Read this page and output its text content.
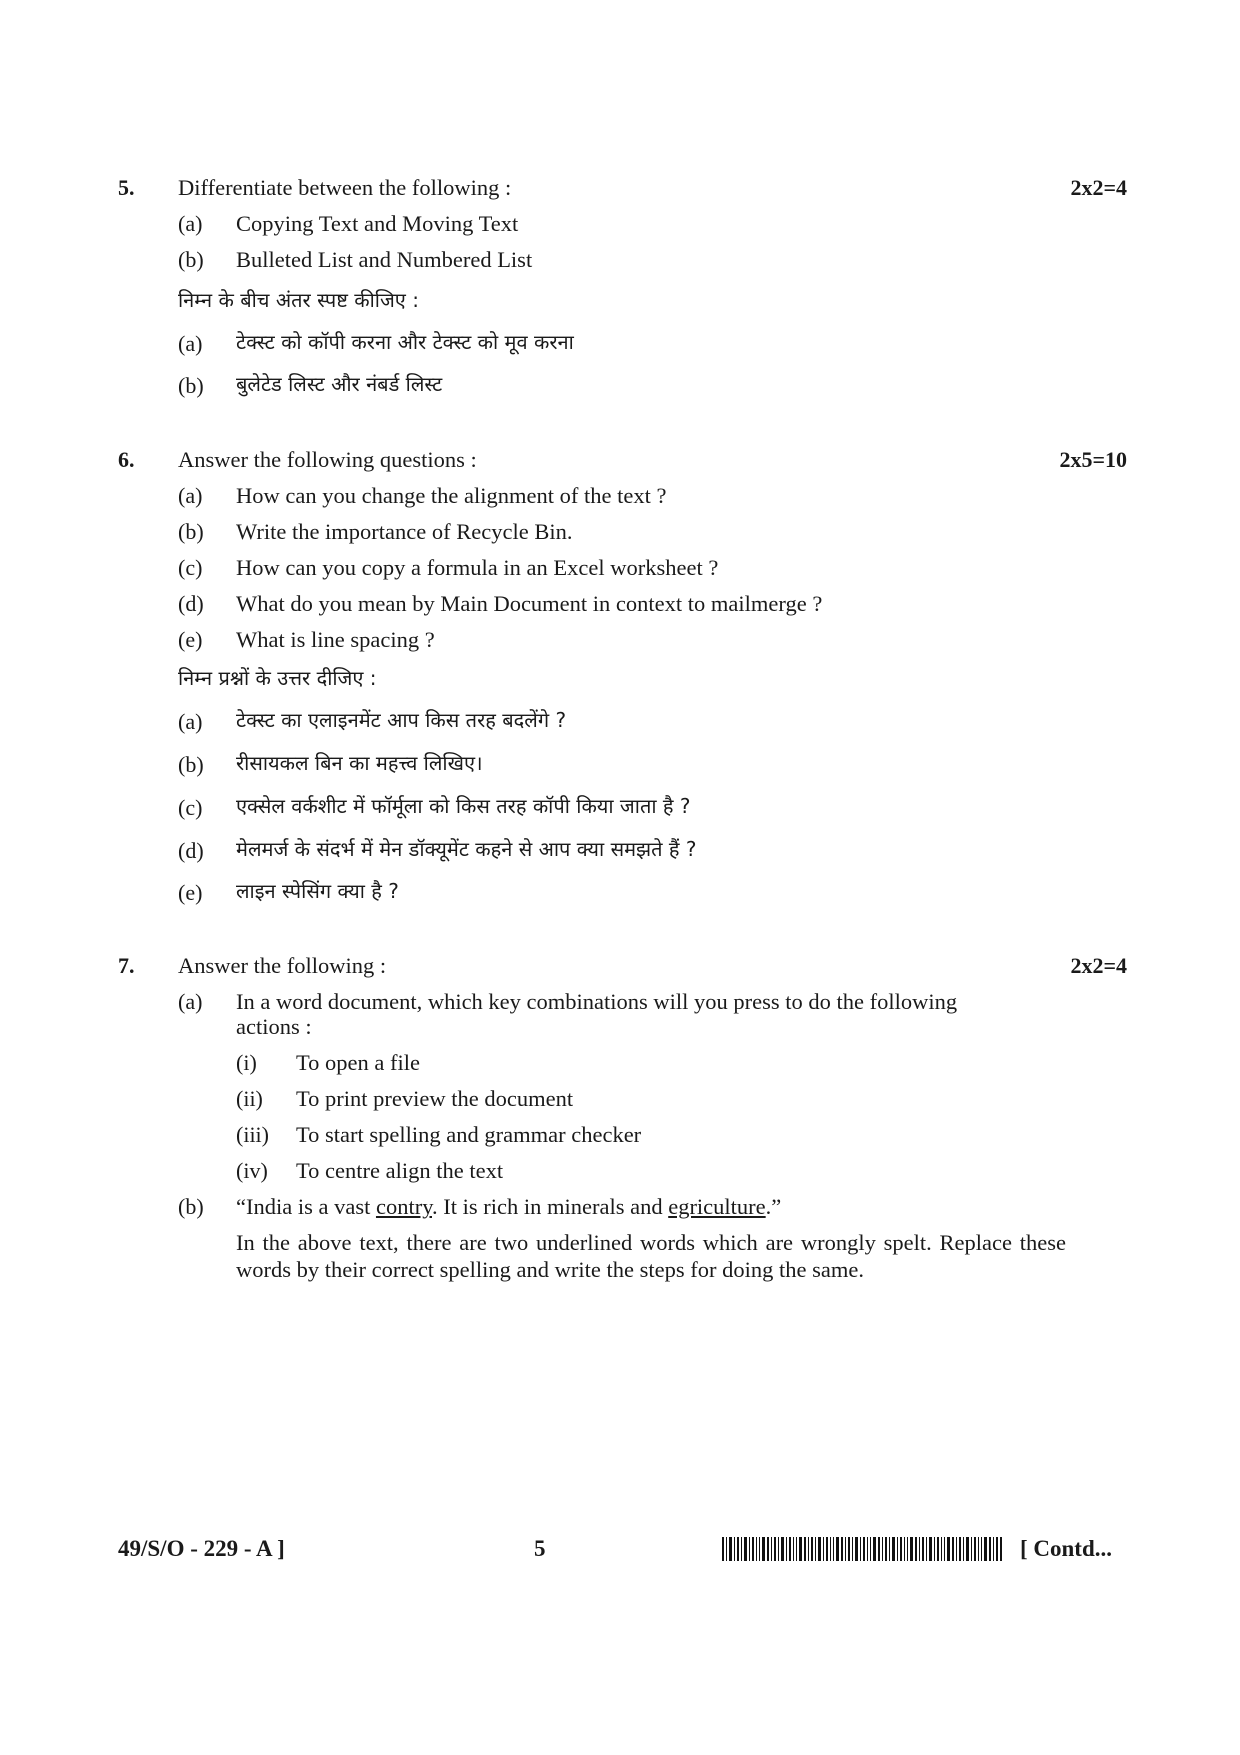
5. Differentiate between the following :	2x2=4
(a) Copying Text and Moving Text
(b) Bulleted List and Numbered List
निम्न के बीच अंतर स्पष्ट कीजिए :
(a) टेक्स्ट को कॉपी करना और टेक्स्ट को मूव करना
(b) बुलेटेड लिस्ट और नंबर्ड लिस्ट
6. Answer the following questions :	2x5=10
(a) How can you change the alignment of the text ?
(b) Write the importance of Recycle Bin.
(c) How can you copy a formula in an Excel worksheet ?
(d) What do you mean by Main Document in context to mailmerge ?
(e) What is line spacing ?
निम्न प्रश्नों के उत्तर दीजिए :
(a) टेक्स्ट का एलाइनमेंट आप किस तरह बदलेंगे ?
(b) रीसायकल बिन का महत्त्व लिखिए।
(c) एक्सेल वर्कशीट में फॉर्मूला को किस तरह कॉपी किया जाता है ?
(d) मेलमर्ज के संदर्भ में मेन डॉक्यूमेंट कहने से आप क्या समझते हैं ?
(e) लाइन स्पेसिंग क्या है ?
7. Answer the following :	2x2=4
(a) In a word document, which key combinations will you press to do the following
actions :
(i) To open a file
(ii) To print preview the document
(iii) To start spelling and grammar checker
(iv) To centre align the text
(b) “India is a vast contry. It is rich in minerals and egriculture.”
In the above text, there are two underlined words which are wrongly spelt. Replace these words by their correct spelling and write the steps for doing the same.
49/S/O - 229 - A ]	5	[ Contd...
